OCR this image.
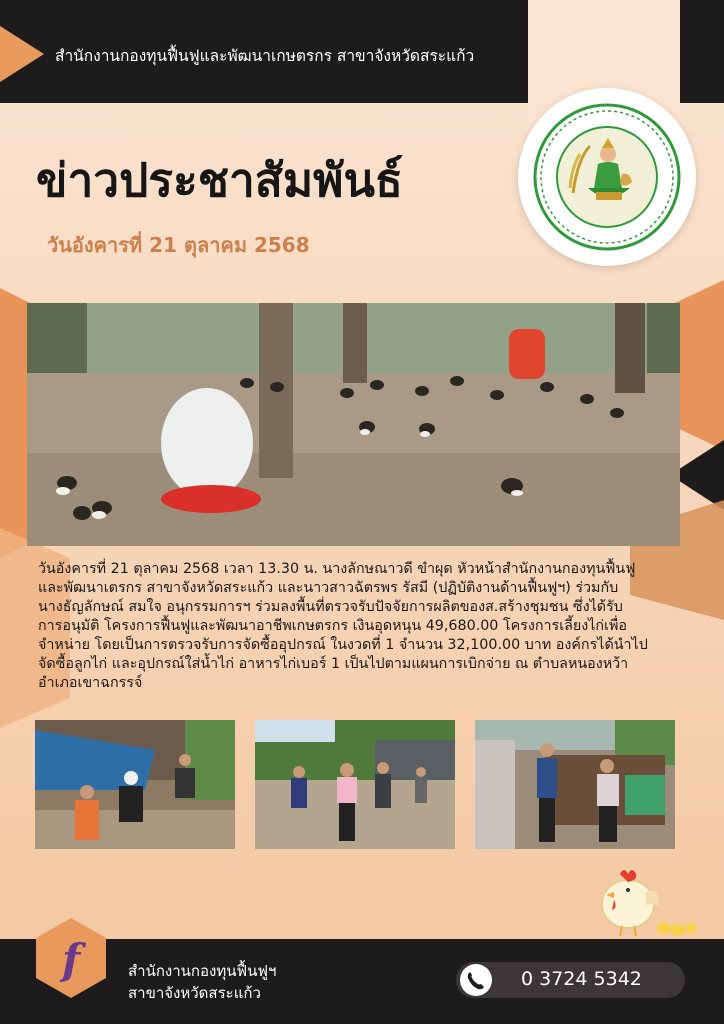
สำนักงานกองทุนฟื้นฟูและพัฒนาเกษตรกร สาขาจังหวัดสระแก้ว
ข่าวประชาสัมพันธ์
วันอังคารที่ 21 ตุลาคม 2568

วันอังคารที่ 21 ตุลาคม 2568 เวลา 13.30 น. นางลักษณาวดี ขำผุด หัวหน้าสำนักงานกองทุนฟื้นฟู

และพัฒนาเตรกร สาขาจังหวัดสระแก้ว และนาวสาวฉัตรพร รัสมี (ปฏิบัติงานด้านฟื้นฟูฯ) ร่วมกับ

นางธัญลักษณ์ สมใจ อนุกรรมการฯ ร่วมลงพื้นที่ตรวจรับปัจจัยการผลิตของส.สร้างชุมชน ซึ่งได้รับ

การอนุมัติ โครงการฟื้นฟูและพัฒนาอาชีพเกษตรกร เงินอุดหนุน 49,680.00 โครงการเลี้ยงไก่เพื่อ

จำหน่าย โดยเป็นการตรวจรับการจัดซื้ออุปกรณ์ ในงวดที่ 1 จำนวน 32,100.00 บาท องค์กรได้นำไป

จัดซื้อลูกไก่ และอุปกรณ์ใส่น้ำไก่ อาหารไก่เบอร์ 1 เป็นไปตามแผนการเบิกจ่าย ณ ตำบลหนองหว้า

อำเภอเขาฉกรรจ์

f	สำนักงานกองทุนฟื้นฟูฯ
สาขาจังหวัดสระแก้ว
0 3724 5342
